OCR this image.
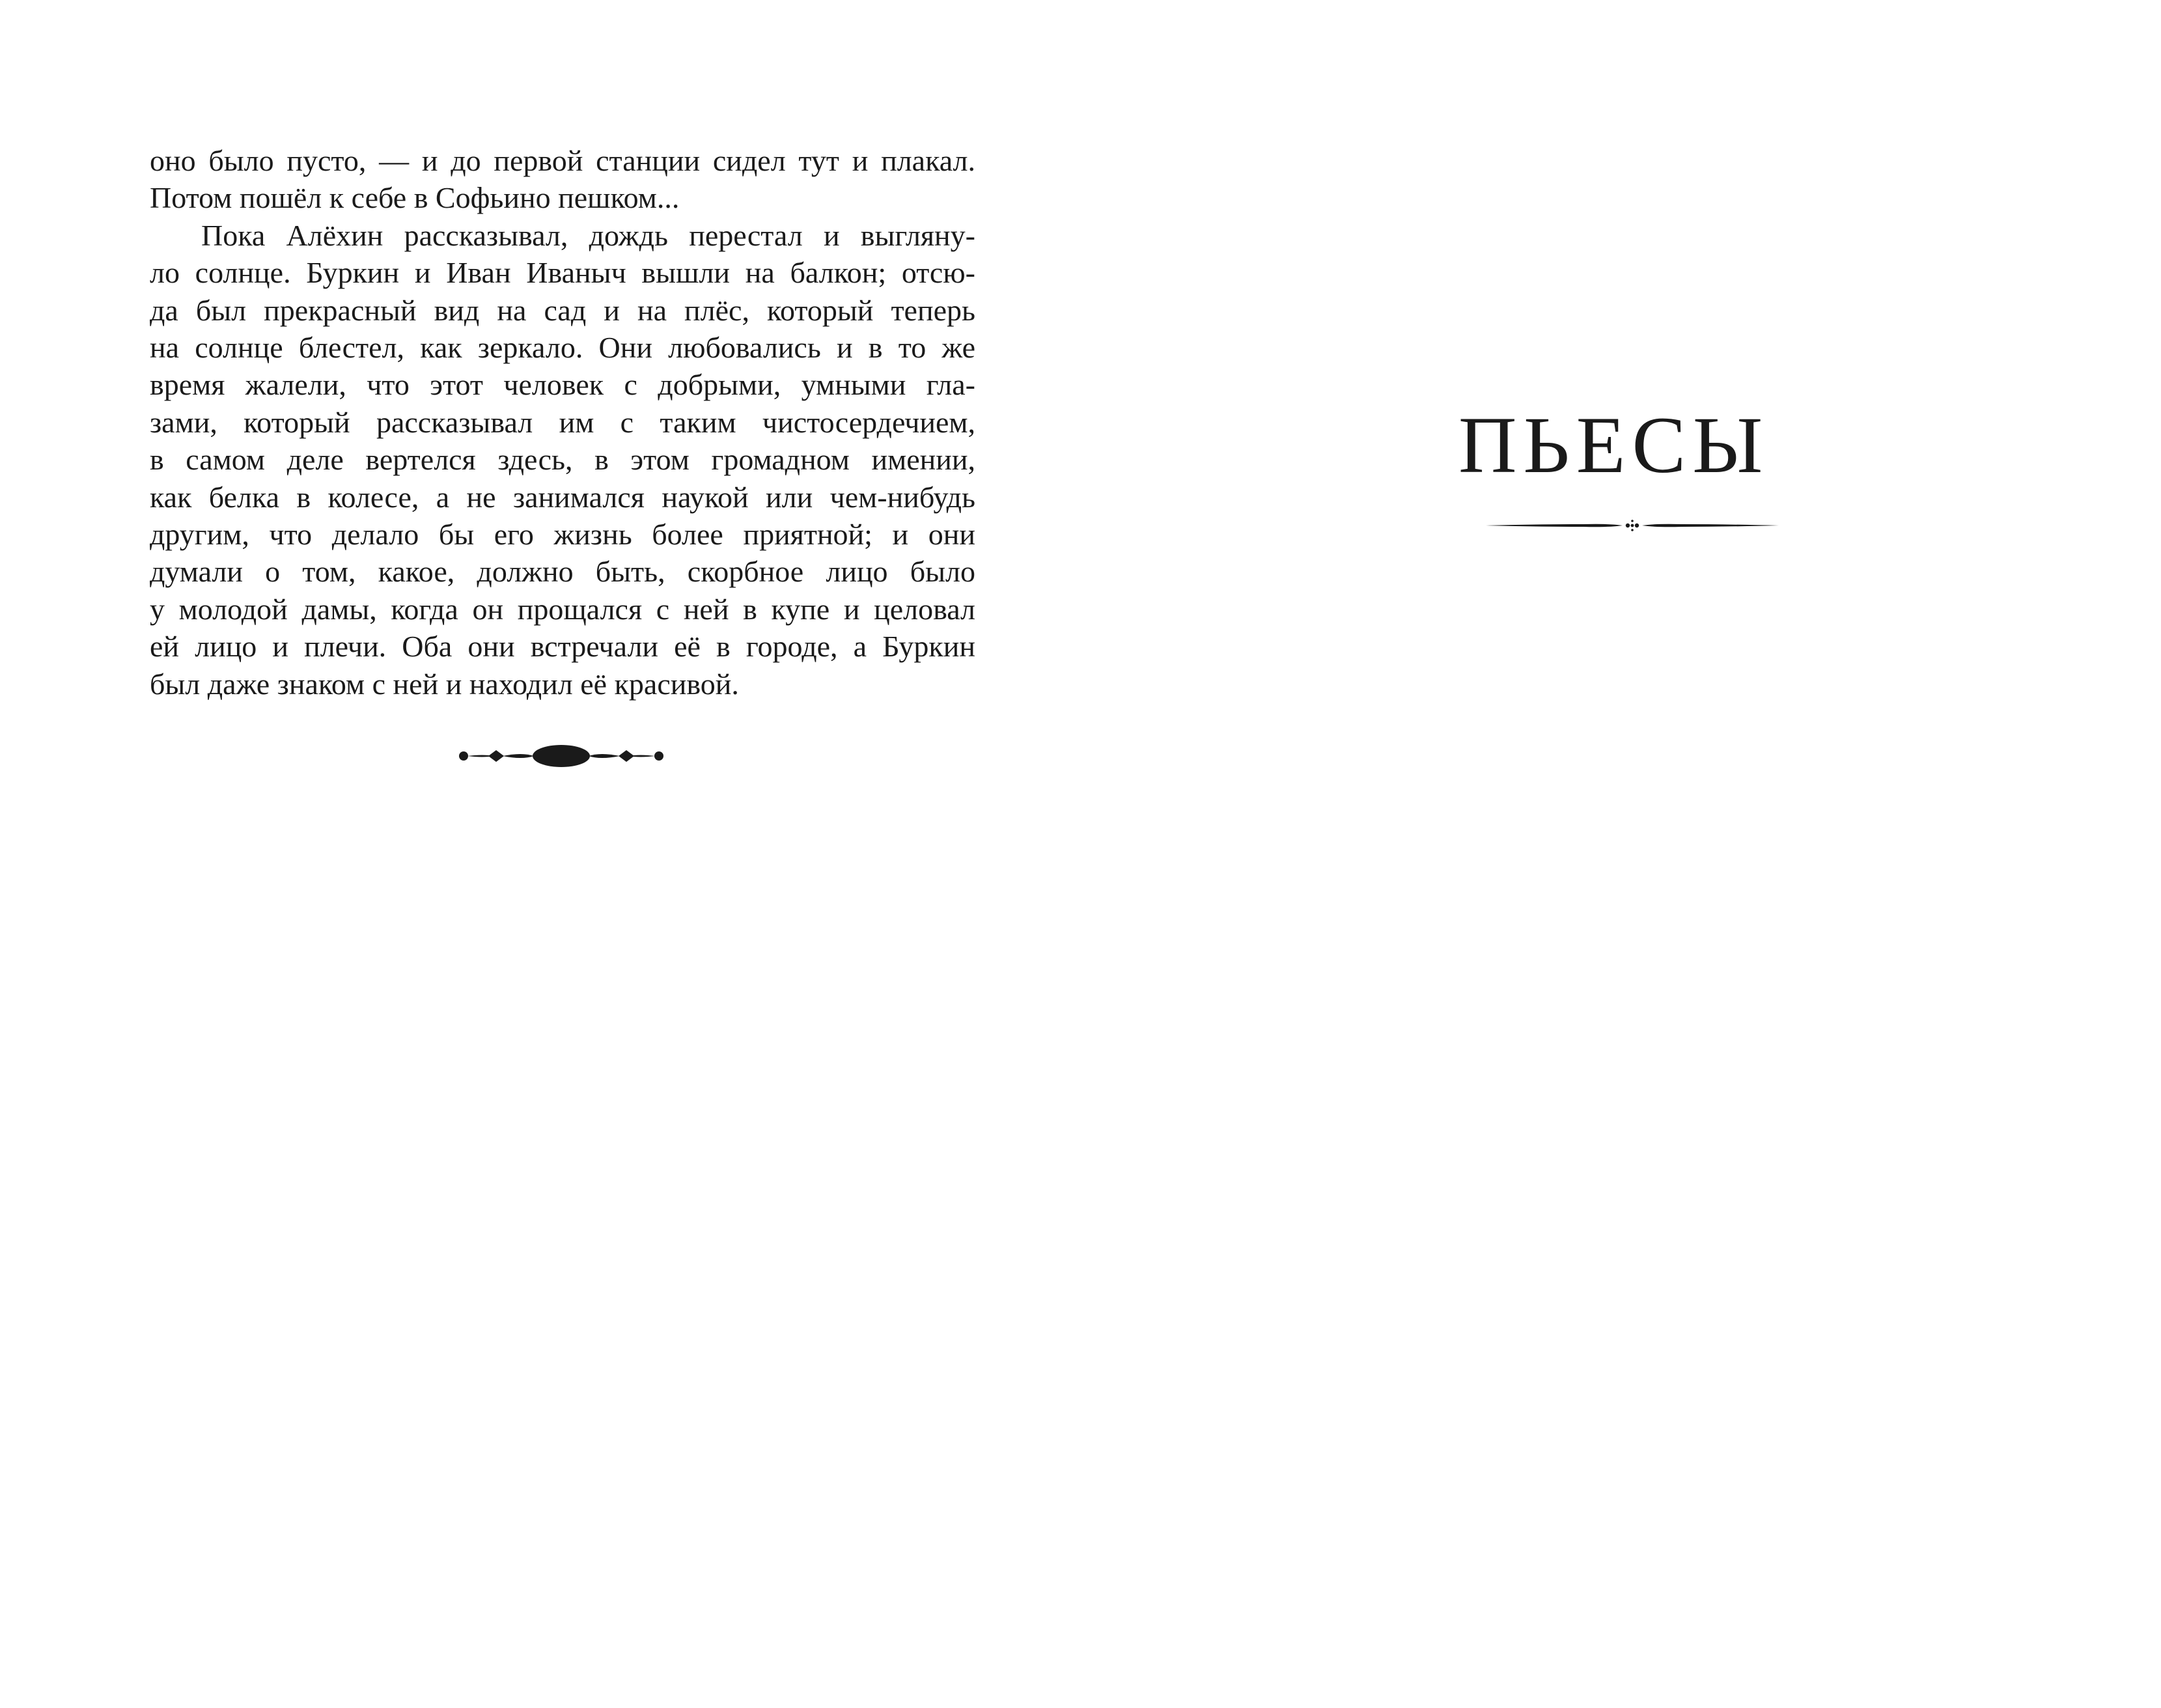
оно было пусто, — и до первой станции сидел тут и плакал.
Потом пошёл к себе в Софьино пешком...

Пока Алёхин рассказывал, дождь перестал и выгляну-
ло солнце. Буркин и Иван Иваныч вышли на балкон; отсю-
да был прекрасный вид на сад и на плёс, который теперь
на солнце блестел, как зеркало. Они любовались и в то же
время жалели, что этот человек с добрыми, умными гла-
зами, который рассказывал им с таким чистосердечием,
в самом деле вертелся здесь, в этом громадном имении,
как белка в колесе, а не занимался наукой или чем-нибудь
другим, что делало бы его жизнь более приятной; и они
думали о том, какое, должно быть, скорбное лицо было
у молодой дамы, когда он прощался с ней в купе и целовал
ей лицо и плечи. Оба они встречали её в городе, а Буркин
был даже знаком с ней и находил её красивой.

ПЬЕСЫ
